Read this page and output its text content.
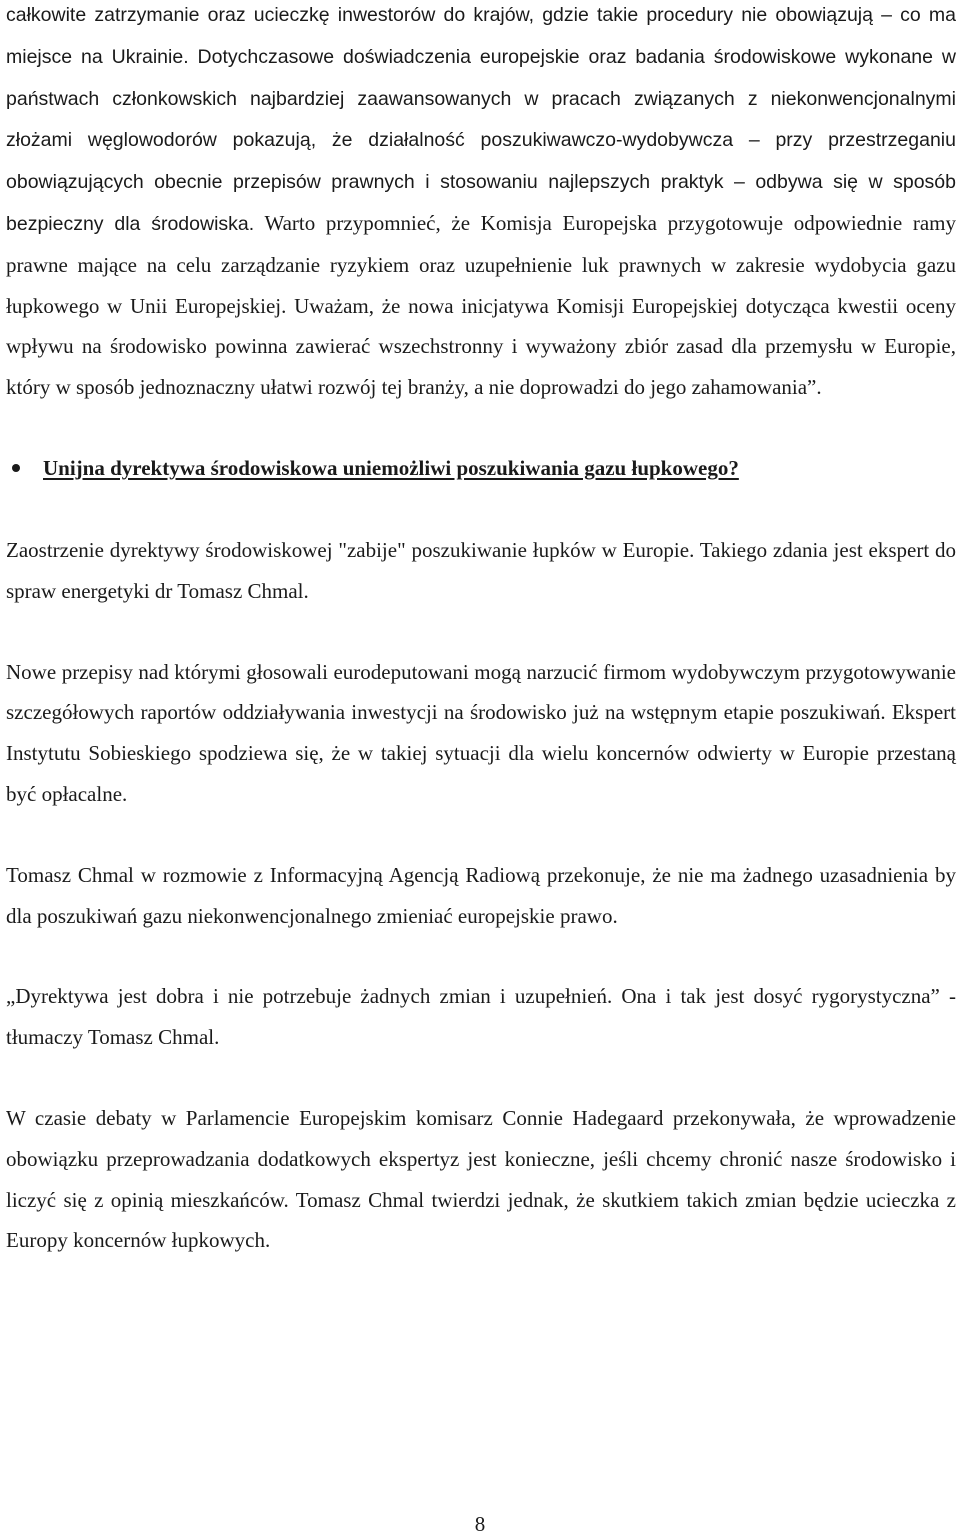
całkowite zatrzymanie oraz ucieczkę inwestorów do krajów, gdzie takie procedury nie obowiązują – co ma miejsce na Ukrainie. Dotychczasowe doświadczenia europejskie oraz badania środowiskowe wykonane w państwach członkowskich najbardziej zaawansowanych w pracach związanych z niekonwencjonalnymi złożami węglowodorów pokazują, że działalność poszukiwawczo-wydobywcza – przy przestrzeganiu obowiązujących obecnie przepisów prawnych i stosowaniu najlepszych praktyk – odbywa się w sposób bezpieczny dla środowiska. Warto przypomnieć, że Komisja Europejska przygotowuje odpowiednie ramy prawne mające na celu zarządzanie ryzykiem oraz uzupełnienie luk prawnych w zakresie wydobycia gazu łupkowego w Unii Europejskiej. Uważam, że nowa inicjatywa Komisji Europejskiej dotycząca kwestii oceny wpływu na środowisko powinna zawierać wszechstronny i wyważony zbiór zasad dla przemysłu w Europie, który w sposób jednoznaczny ułatwi rozwój tej branży, a nie doprowadzi do jego zahamowania”.

Unijna dyrektywa środowiskowa uniemożliwi poszukiwania gazu łupkowego?

Zaostrzenie dyrektywy środowiskowej "zabije" poszukiwanie łupków w Europie. Takiego zdania jest ekspert do spraw energetyki dr Tomasz Chmal.

Nowe przepisy nad którymi głosowali eurodeputowani mogą narzucić firmom wydobywczym przygotowywanie szczegółowych raportów oddziaływania inwestycji na środowisko już na wstępnym etapie poszukiwań. Ekspert Instytutu Sobieskiego spodziewa się, że w takiej sytuacji dla wielu koncernów odwierty w Europie przestaną być opłacalne.

Tomasz Chmal w rozmowie z Informacyjną Agencją Radiową przekonuje, że nie ma żadnego uzasadnienia by dla poszukiwań gazu niekonwencjonalnego zmieniać europejskie prawo.

„Dyrektywa jest dobra i nie potrzebuje żadnych zmian i uzupełnień. Ona i tak jest dosyć rygorystyczna” - tłumaczy Tomasz Chmal.

W czasie debaty w Parlamencie Europejskim komisarz Connie Hadegaard przekonywała, że wprowadzenie obowiązku przeprowadzania dodatkowych ekspertyz jest konieczne, jeśli chcemy chronić nasze środowisko i liczyć się z opinią mieszkańców. Tomasz Chmal twierdzi jednak, że skutkiem takich zmian będzie ucieczka z Europy koncernów łupkowych.

8
